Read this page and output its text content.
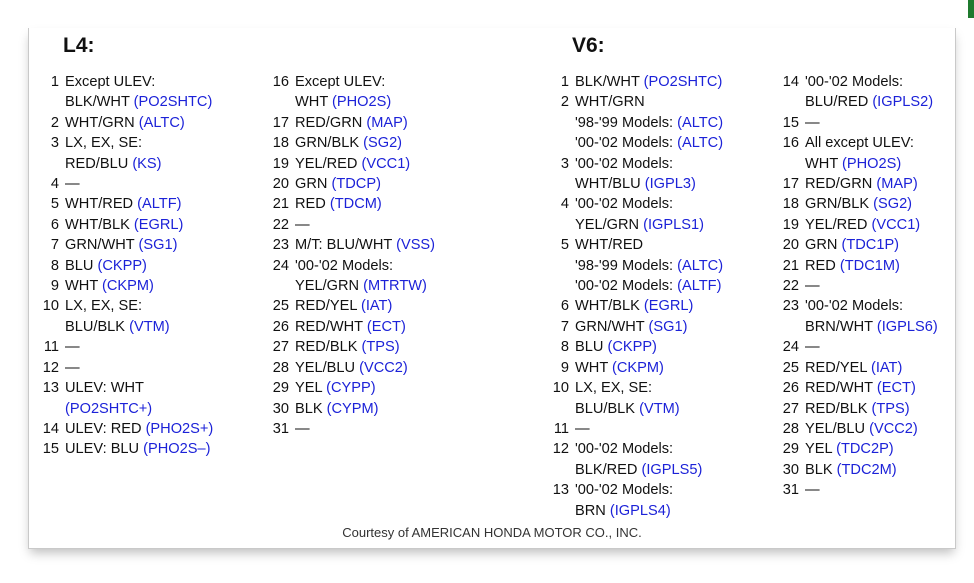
L4:	V6:
1 Except ULEV:
BLK/WHT (PO2SHTC)
2 WHT/GRN (ALTC)
3 LX, EX, SE:
RED/BLU (KS)
4 —
5 WHT/RED (ALTF)
6 WHT/BLK (EGRL)
7 GRN/WHT (SG1)
8 BLU (CKPP)
9 WHT (CKPM)
10 LX, EX, SE:
BLU/BLK (VTM)
11 —
12 —
13 ULEV: WHT
(PO2SHTC+)
14 ULEV: RED (PHO2S+)
15 ULEV: BLU (PHO2S–)
16 Except ULEV:
WHT (PHO2S)
17 RED/GRN (MAP)
18 GRN/BLK (SG2)
19 YEL/RED (VCC1)
20 GRN (TDCP)
21 RED (TDCM)
22 —
23 M/T: BLU/WHT (VSS)
24 '00-'02 Models:
YEL/GRN (MTRTW)
25 RED/YEL (IAT)
26 RED/WHT (ECT)
27 RED/BLK (TPS)
28 YEL/BLU (VCC2)
29 YEL (CYPP)
30 BLK (CYPM)
31 —
1 BLK/WHT (PO2SHTC)
2 WHT/GRN
'98-'99 Models: (ALTC)
'00-'02 Models: (ALTC)
3 '00-'02 Models:
WHT/BLU (IGPL3)
4 '00-'02 Models:
YEL/GRN (IGPLS1)
5 WHT/RED
'98-'99 Models: (ALTC)
'00-'02 Models: (ALTF)
6 WHT/BLK (EGRL)
7 GRN/WHT (SG1)
8 BLU (CKPP)
9 WHT (CKPM)
10 LX, EX, SE:
BLU/BLK (VTM)
11 —
12 '00-'02 Models:
BLK/RED (IGPLS5)
13 '00-'02 Models:
BRN (IGPLS4)
14 '00-'02 Models:
BLU/RED (IGPLS2)
15 —
16 All except ULEV:
WHT (PHO2S)
17 RED/GRN (MAP)
18 GRN/BLK (SG2)
19 YEL/RED (VCC1)
20 GRN (TDC1P)
21 RED (TDC1M)
22 —
23 '00-'02 Models:
BRN/WHT (IGPLS6)
24 —
25 RED/YEL (IAT)
26 RED/WHT (ECT)
27 RED/BLK (TPS)
28 YEL/BLU (VCC2)
29 YEL (TDC2P)
30 BLK (TDC2M)
31 —
Courtesy of AMERICAN HONDA MOTOR CO., INC.
